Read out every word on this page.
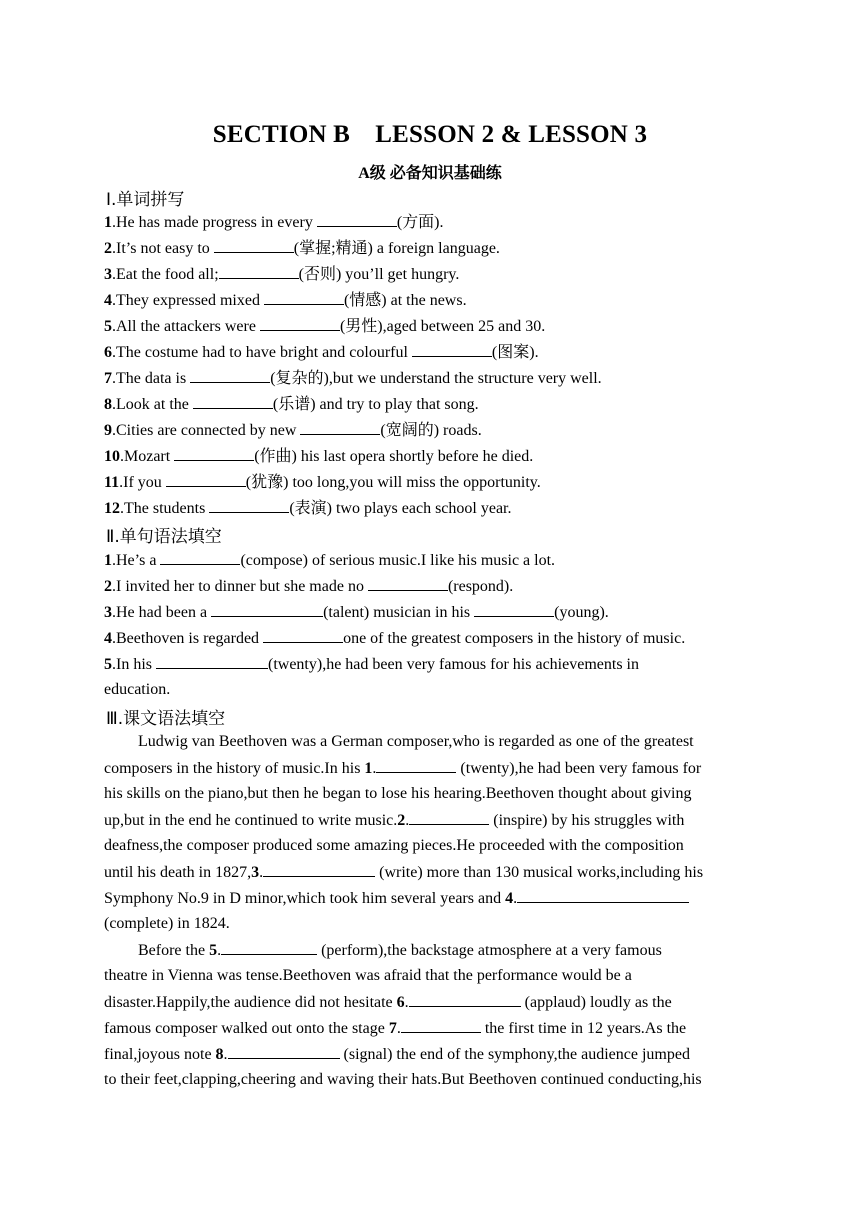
SECTION B　LESSON 2 & LESSON 3
A级 必备知识基础练
Ⅰ.单词拼写
1.He has made progress in every	(方面).
2.It’s not easy to	(掌握;精通) a foreign language.
3.Eat the food all;	(否则) you’ll get hungry.
4.They expressed mixed	(情感) at the news.
5.All the attackers were	(男性),aged between 25 and 30.
6.The costume had to have bright and colourful	(图案).
7.The data is	(复杂的),but we understand the structure very well.
8.Look at the	(乐谱) and try to play that song.
9.Cities are connected by new	(宽阔的) roads.
10.Mozart	(作曲) his last opera shortly before he died.
11.If you	(犹豫) too long,you will miss the opportunity.
12.The students	(表演) two plays each school year.
Ⅱ.单句语法填空
1.He’s a	(compose) of serious music.I like his music a lot.
2.I invited her to dinner but she made no	(respond).
3.He had been a	(talent) musician in his	(young).
4.Beethoven is regarded	one of the greatest composers in the history of music.
5.In his	(twenty),he had been very famous for his achievements in
education.
Ⅲ.课文语法填空
Ludwig van Beethoven was a German composer,who is regarded as one of the greatest
composers in the history of music.In his 1.	(twenty),he had been very famous for
his skills on the piano,but then he began to lose his hearing.Beethoven thought about giving
up,but in the end he continued to write music.2.	(inspire) by his struggles with
deafness,the composer produced some amazing pieces.He proceeded with the composition
until his death in 1827,3.	(write) more than 130 musical works,including his
Symphony No.9 in D minor,which took him several years and 4.
(complete) in 1824.
Before the 5.	(perform),the backstage atmosphere at a very famous
theatre in Vienna was tense.Beethoven was afraid that the performance would be a
disaster.Happily,the audience did not hesitate 6.	(applaud) loudly as the
famous composer walked out onto the stage 7.	the first time in 12 years.As the
final,joyous note 8.	(signal) the end of the symphony,the audience jumped
to their feet,clapping,cheering and waving their hats.But Beethoven continued conducting,his
